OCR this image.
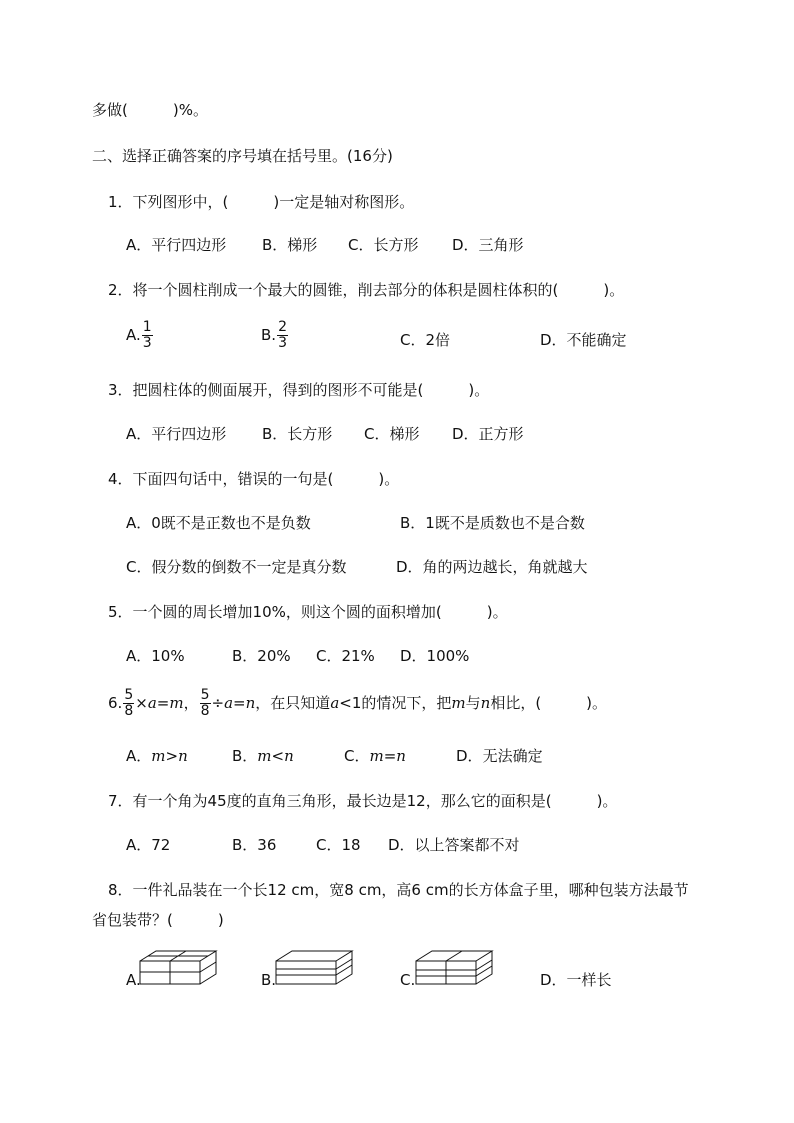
多做(　　　)%。
二、选择正确答案的序号填在括号里。(16分)
1．下列图形中，(　　　)一定是轴对称图形。
A．平行四边形 B．梯形 C．长方形 D．三角形
2．将一个圆柱削成一个最大的圆锥，削去部分的体积是圆柱体积的(　　　)。
A. $\frac{1}{3}$	B. $\frac{2}{3}$	C．2倍	D．不能确定
3．把圆柱体的侧面展开，得到的图形不可能是(　　　)。
A．平行四边形 B．长方形 C．梯形 D．正方形
4．下面四句话中，错误的一句是(　　　)。
A．0既不是正数也不是负数	B．1既不是质数也不是合数
C．假分数的倒数不一定是真分数	D．角的两边越长，角就越大
5．一个圆的周长增加10%，则这个圆的面积增加(　　　)。
A．10%	B．20% C．21% D．100%
6. $\frac{5}{8} \times a=m$， $\frac{5}{8} \div a=n$，在只知道a<1的情况下，把m与n相比，(　　　)。
A．m>n	B．m<n	C．m=n	D．无法确定
7．有一个角为45度的直角三角形，最长边是12，那么它的面积是(　　　)。
A．72	B．36	C．18 D．以上答案都不对
8．一件礼品装在一个长12 cm，宽8 cm，高6 cm的长方体盒子里，哪种包装方法最节
省包装带？(　　　)
A.	B.	C.	D．一样长
